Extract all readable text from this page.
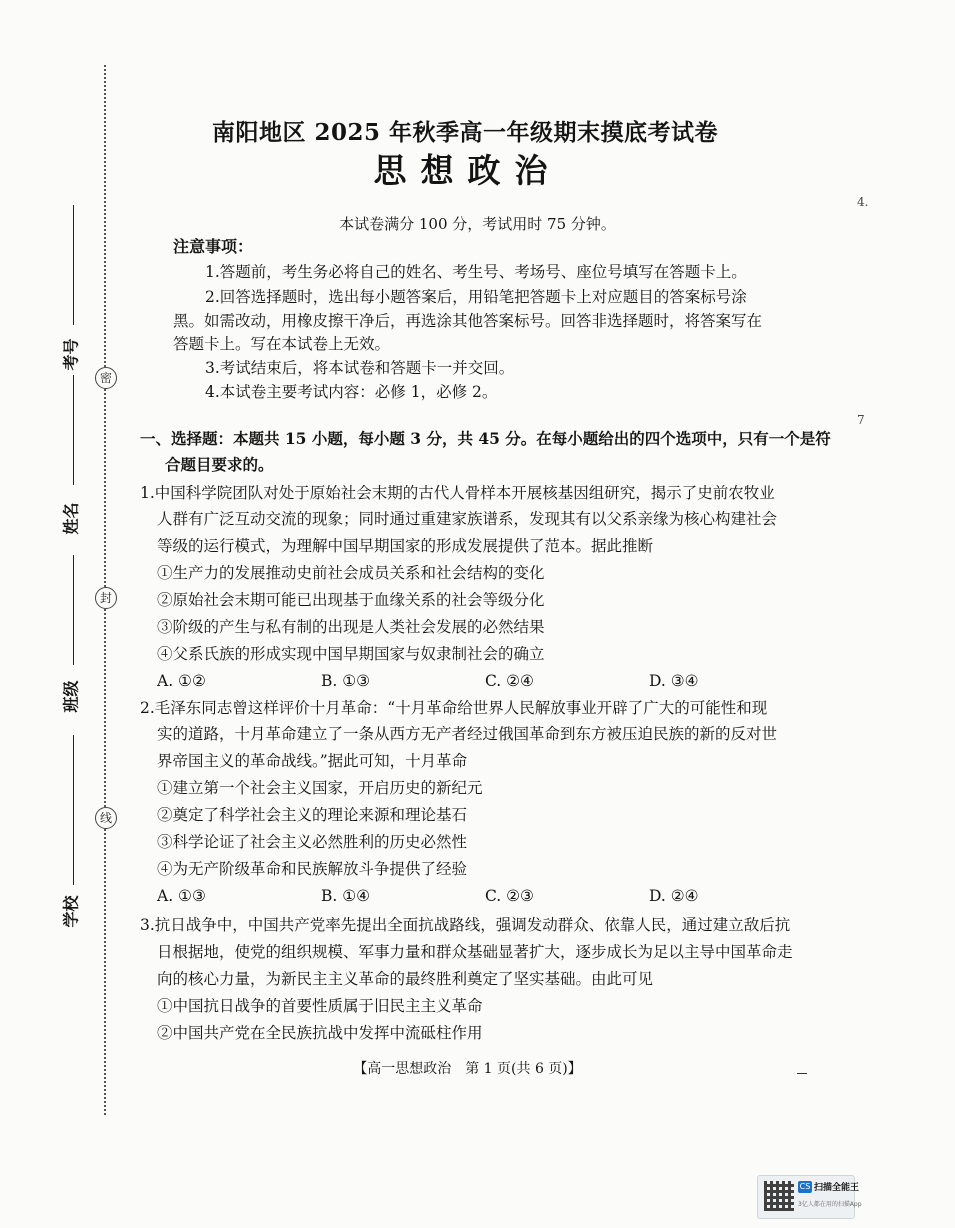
密
封
线
考号
姓名
班级
学校
南阳地区 2025 年秋季高一年级期末摸底考试卷
思想政治
本试卷满分 100 分，考试用时 75 分钟。
注意事项：
1.答题前，考生务必将自己的姓名、考生号、考场号、座位号填写在答题卡上。
2.回答选择题时，选出每小题答案后，用铅笔把答题卡上对应题目的答案标号涂
黑。如需改动，用橡皮擦干净后，再选涂其他答案标号。回答非选择题时，将答案写在
答题卡上。写在本试卷上无效。
3.考试结束后，将本试卷和答题卡一并交回。
4.本试卷主要考试内容：必修 1，必修 2。
一、选择题：本题共 15 小题，每小题 3 分，共 45 分。在每小题给出的四个选项中，只有一个是符
合题目要求的。
1.中国科学院团队对处于原始社会末期的古代人骨样本开展核基因组研究，揭示了史前农牧业
人群有广泛互动交流的现象；同时通过重建家族谱系，发现其有以父系亲缘为核心构建社会
等级的运行模式，为理解中国早期国家的形成发展提供了范本。据此推断
①生产力的发展推动史前社会成员关系和社会结构的变化
②原始社会末期可能已出现基于血缘关系的社会等级分化
③阶级的产生与私有制的出现是人类社会发展的必然结果
④父系氏族的形成实现中国早期国家与奴隶制社会的确立
A. ①②	B. ①③	C. ②④	D. ③④
2.毛泽东同志曾这样评价十月革命：“十月革命给世界人民解放事业开辟了广大的可能性和现
实的道路，十月革命建立了一条从西方无产者经过俄国革命到东方被压迫民族的新的反对世
界帝国主义的革命战线。”据此可知，十月革命
①建立第一个社会主义国家，开启历史的新纪元
②奠定了科学社会主义的理论来源和理论基石
③科学论证了社会主义必然胜利的历史必然性
④为无产阶级革命和民族解放斗争提供了经验
A. ①③	B. ①④	C. ②③	D. ②④
3.抗日战争中，中国共产党率先提出全面抗战路线，强调发动群众、依靠人民，通过建立敌后抗
日根据地，使党的组织规模、军事力量和群众基础显著扩大，逐步成长为足以主导中国革命走
向的核心力量，为新民主主义革命的最终胜利奠定了坚实基础。由此可见
①中国抗日战争的首要性质属于旧民主主义革命
②中国共产党在全民族抗战中发挥中流砥柱作用
【高一思想政治　第 1 页(共 6 页)】
4.
7
CS 扫描全能王
3亿人都在用的扫描App
